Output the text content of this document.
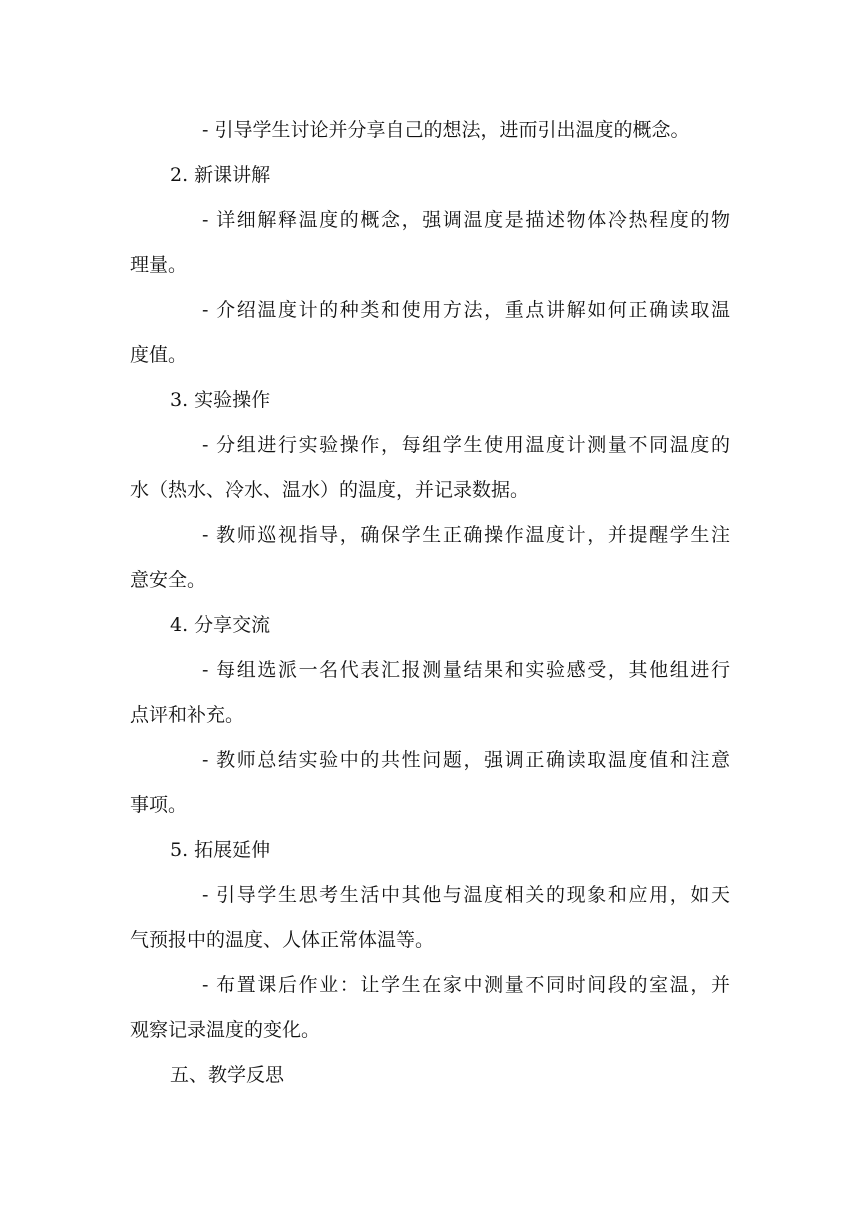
- 引导学生讨论并分享自己的想法，进而引出温度的概念。
2. 新课讲解
- 详细解释温度的概念，强调温度是描述物体冷热程度的物
理量。
- 介绍温度计的种类和使用方法，重点讲解如何正确读取温
度值。
3. 实验操作
- 分组进行实验操作，每组学生使用温度计测量不同温度的
水（热水、冷水、温水）的温度，并记录数据。
- 教师巡视指导，确保学生正确操作温度计，并提醒学生注
意安全。
4. 分享交流
- 每组选派一名代表汇报测量结果和实验感受，其他组进行
点评和补充。
- 教师总结实验中的共性问题，强调正确读取温度值和注意
事项。
5. 拓展延伸
- 引导学生思考生活中其他与温度相关的现象和应用，如天
气预报中的温度、人体正常体温等。
- 布置课后作业：让学生在家中测量不同时间段的室温，并
观察记录温度的变化。
五、教学反思
